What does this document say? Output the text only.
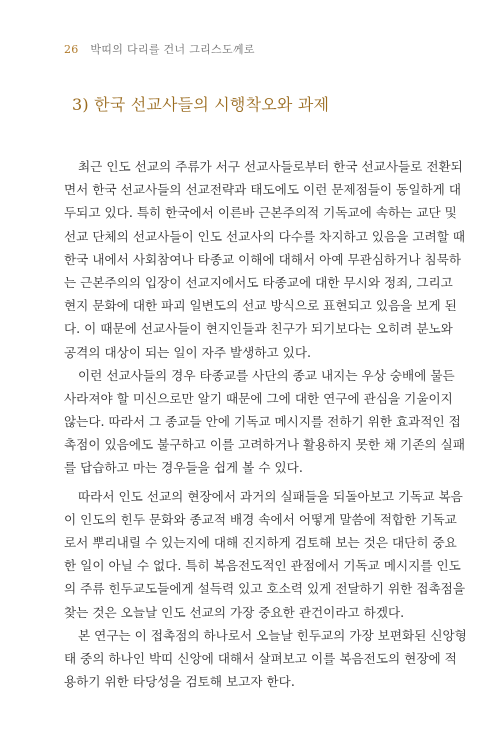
26 박띠의 다리를 건너 그리스도께로
3) 한국 선교사들의 시행착오와 과제
최근 인도 선교의 주류가 서구 선교사들로부터 한국 선교사들로 전환되
면서 한국 선교사들의 선교전략과 태도에도 이런 문제점들이 동일하게 대
두되고 있다. 특히 한국에서 이른바 근본주의적 기독교에 속하는 교단 및
선교 단체의 선교사들이 인도 선교사의 다수를 차지하고 있음을 고려할 때
한국 내에서 사회참여나 타종교 이해에 대해서 아예 무관심하거나 침묵하
는 근본주의의 입장이 선교지에서도 타종교에 대한 무시와 정죄, 그리고
현지 문화에 대한 파괴 일변도의 선교 방식으로 표현되고 있음을 보게 된
다. 이 때문에 선교사들이 현지인들과 친구가 되기보다는 오히려 분노와
공격의 대상이 되는 일이 자주 발생하고 있다.
이런 선교사들의 경우 타종교를 사단의 종교 내지는 우상 숭배에 물든
사라져야 할 미신으로만 알기 때문에 그에 대한 연구에 관심을 기울이지
않는다. 따라서 그 종교들 안에 기독교 메시지를 전하기 위한 효과적인 접
촉점이 있음에도 불구하고 이를 고려하거나 활용하지 못한 채 기존의 실패
를 답습하고 마는 경우들을 쉽게 볼 수 있다.
따라서 인도 선교의 현장에서 과거의 실패들을 되돌아보고 기독교 복음
이 인도의 힌두 문화와 종교적 배경 속에서 어떻게 말씀에 적합한 기독교
로서 뿌리내릴 수 있는지에 대해 진지하게 검토해 보는 것은 대단히 중요
한 일이 아닐 수 없다. 특히 복음전도적인 관점에서 기독교 메시지를 인도
의 주류 힌두교도들에게 설득력 있고 호소력 있게 전달하기 위한 접촉점을
찾는 것은 오늘날 인도 선교의 가장 중요한 관건이라고 하겠다.
본 연구는 이 접촉점의 하나로서 오늘날 힌두교의 가장 보편화된 신앙형
태 중의 하나인 박띠 신앙에 대해서 살펴보고 이를 복음전도의 현장에 적
용하기 위한 타당성을 검토해 보고자 한다.
